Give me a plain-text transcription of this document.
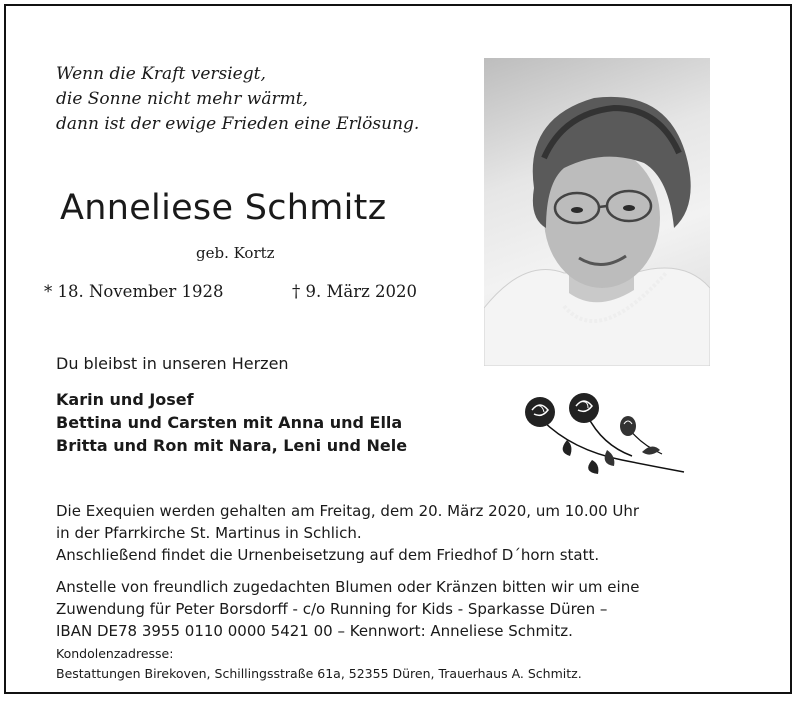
Wenn die Kraft versiegt,
die Sonne nicht mehr wärmt,
dann ist der ewige Frieden eine Erlösung.
Anneliese Schmitz
geb. Kortz
* 18. November 1928	† 9. März 2020
Du bleibst in unseren Herzen
Karin und Josef
Bettina und Carsten mit Anna und Ella
Britta und Ron mit Nara, Leni und Nele
Die Exequien werden gehalten am Freitag, dem 20. März 2020, um 10.00 Uhr
in der Pfarrkirche St. Martinus in Schlich.
Anschließend findet die Urnenbeisetzung auf dem Friedhof D´horn statt.
Anstelle von freundlich zugedachten Blumen oder Kränzen bitten wir um eine
Zuwendung für Peter Borsdorff - c/o Running for Kids - Sparkasse Düren –
IBAN DE78 3955 0110 0000 5421 00 – Kennwort: Anneliese Schmitz.
Kondolenzadresse:
Bestattungen Birekoven, Schillingsstraße 61a, 52355 Düren, Trauerhaus A. Schmitz.
